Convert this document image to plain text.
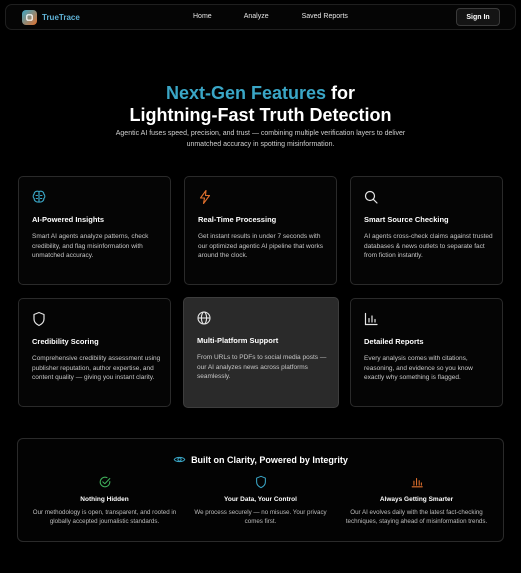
TrueTrace	Home	Analyze	Saved Reports	Sign In
Next-Gen Features for
Lightning-Fast Truth Detection
Agentic AI fuses speed, precision, and trust — combining multiple verification layers to deliver unmatched accuracy in spotting misinformation.
AI-Powered Insights
Smart AI agents analyze patterns, check credibility, and flag misinformation with unmatched accuracy.
Real-Time Processing
Get instant results in under 7 seconds with our optimized agentic AI pipeline that works around the clock.
Smart Source Checking
AI agents cross-check claims against trusted databases & news outlets to separate fact from fiction instantly.
Credibility Scoring
Comprehensive credibility assessment using publisher reputation, author expertise, and content quality — giving you instant clarity.
Multi-Platform Support
From URLs to PDFs to social media posts — our AI analyzes news across platforms seamlessly.
Detailed Reports
Every analysis comes with citations, reasoning, and evidence so you know exactly why something is flagged.
Built on Clarity, Powered by Integrity
Nothing Hidden
Our methodology is open, transparent, and rooted in globally accepted journalistic standards.
Your Data, Your Control
We process securely — no misuse. Your privacy comes first.
Always Getting Smarter
Our AI evolves daily with the latest fact-checking techniques, staying ahead of misinformation trends.
